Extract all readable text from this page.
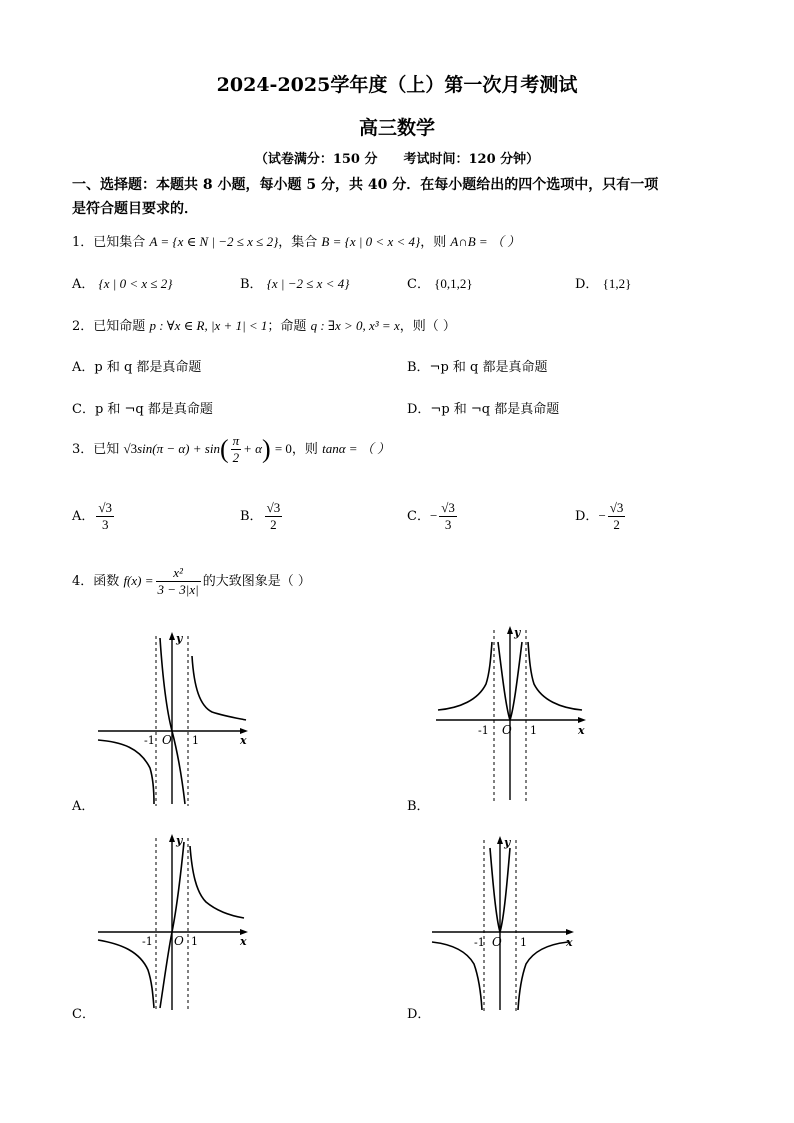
2024-2025学年度（上）第一次月考测试
高三数学
（试卷满分：150 分 考试时间：120 分钟）
一、选择题：本题共 8 小题，每小题 5 分，共 40 分．在每小题给出的四个选项中，只有一项
是符合题目要求的．
1．已知集合 A = {x ∈ N | −2 ≤ x ≤ 2}，集合 B = {x | 0 < x < 4}，则 A∩B = （ ）
A． {x | 0 < x ≤ 2}	B． {x | −2 ≤ x < 4}	C． {0,1,2}	D． {1,2}
2．已知命题 p : ∀x ∈ R, |x + 1| < 1；命题 q : ∃x > 0, x³ = x，则（ ）
A．p 和 q 都是真命题	B．¬p 和 q 都是真命题
C．p 和 ¬q 都是真命题	D．¬p 和 ¬q 都是真命题
3．已知 $√3\sin(\pi - \alpha) + \sin( \frac{\pi}{2} + \alpha) = 0$，则 tanα = （ ）
A． $\frac{√3}{3}$	B． $\frac{√3}{2}$	C．− $\frac{√3}{3}$	D．− $\frac{√3}{2}$
4．函数 $f(x) = \frac{\text{x²}}{3 - 3|x|}$ 的大致图象是（ ）
y
x
O
-1	1
A．
y
x
O
-1	1
B．
y
x
O
-1	1
C．
y
x
O
-1	1
D．
